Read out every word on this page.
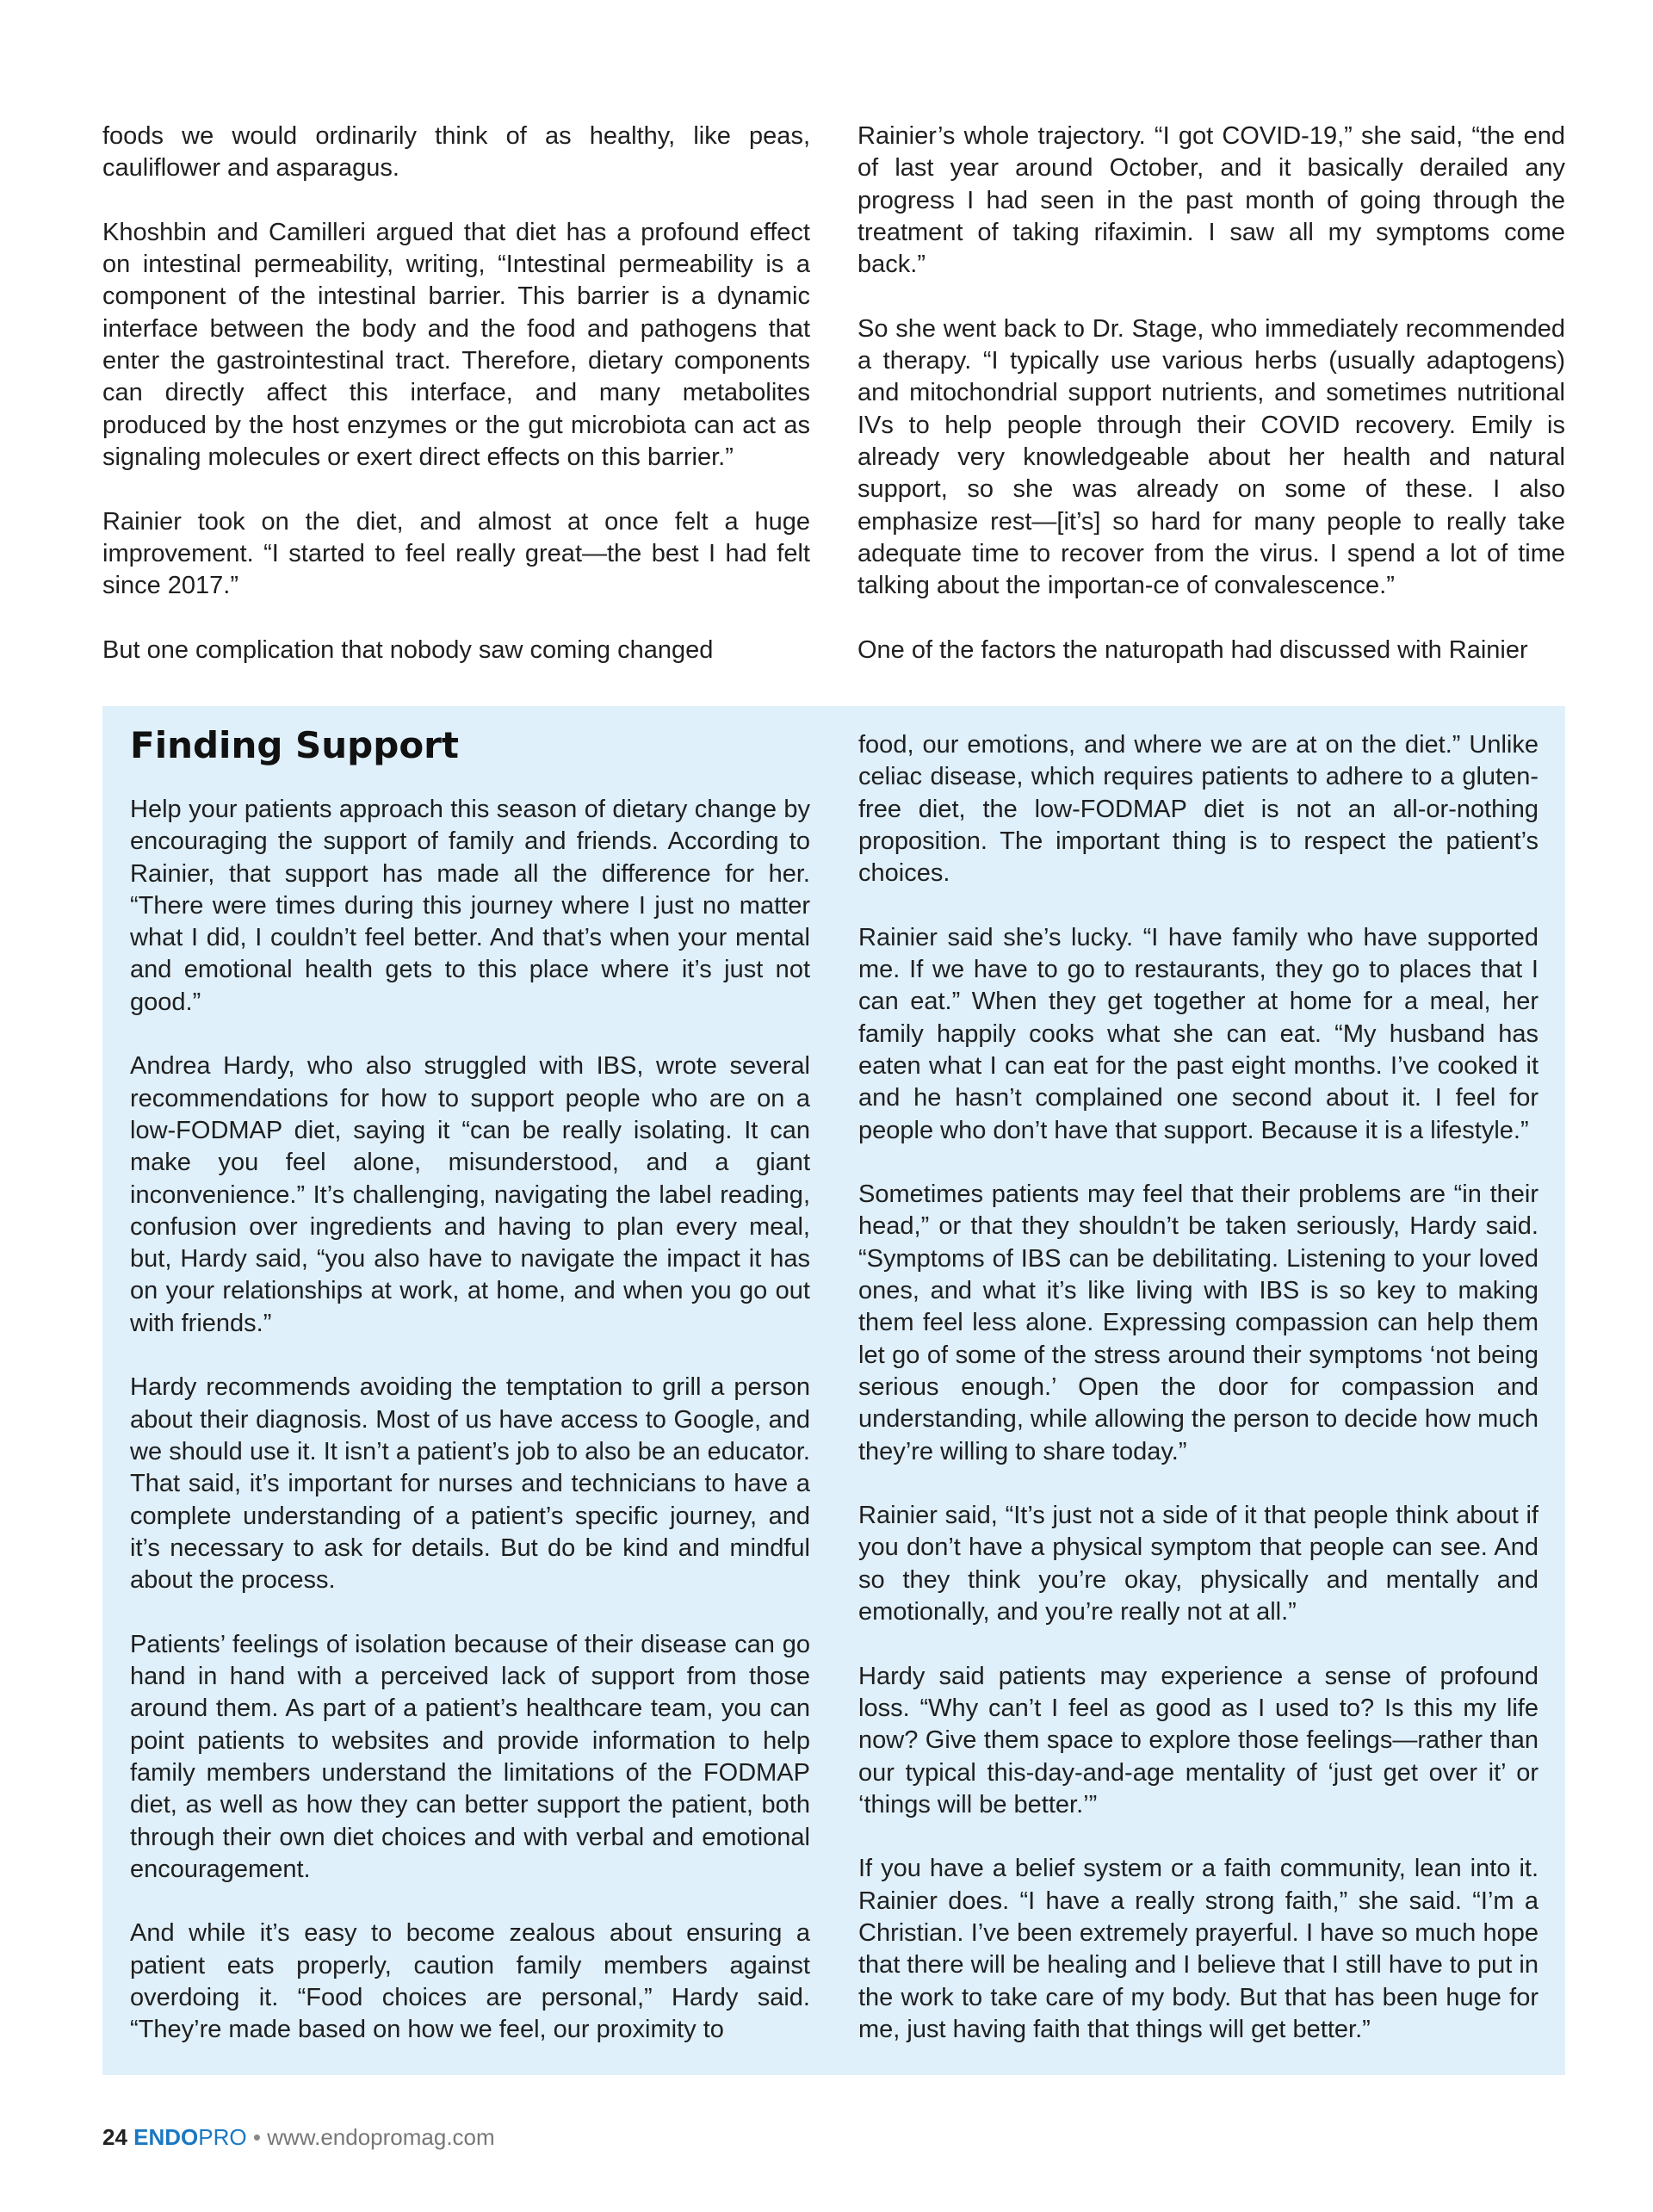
foods we would ordinarily think of as healthy, like peas, cauliflower and asparagus.

Khoshbin and Camilleri argued that diet has a profound effect on intestinal permeability, writing, “Intestinal permeability is a component of the intestinal barrier. This barrier is a dynamic interface between the body and the food and pathogens that enter the gastrointestinal tract. Therefore, dietary components can directly affect this interface, and many metabolites produced by the host enzymes or the gut microbiota can act as signaling molecules or exert direct effects on this barrier.”

Rainier took on the diet, and almost at once felt a huge improvement. “I started to feel really great—the best I had felt since 2017.”

But one complication that nobody saw coming changed

Rainier’s whole trajectory. “I got COVID-19,” she said, “the end of last year around October, and it basically derailed any progress I had seen in the past month of going through the treatment of taking rifaximin. I saw all my symptoms come back.”

So she went back to Dr. Stage, who immediately recommended a therapy. “I typically use various herbs (usually adaptogens) and mitochondrial support nutrients, and sometimes nutritional IVs to help people through their COVID recovery. Emily is already very knowledgeable about her health and natural support, so she was already on some of these. I also emphasize rest—[it’s] so hard for many people to really take adequate time to recover from the virus. I spend a lot of time talking about the importan-ce of convalescence.”

One of the factors the naturopath had discussed with Rainier

Finding Support

Help your patients approach this season of dietary change by encouraging the support of family and friends. According to Rainier, that support has made all the difference for her. “There were times during this journey where I just no matter what I did, I couldn’t feel better. And that’s when your mental and emotional health gets to this place where it’s just not good.”

Andrea Hardy, who also struggled with IBS, wrote several recommendations for how to support people who are on a low-FODMAP diet, saying it “can be really isolating. It can make you feel alone, misunderstood, and a giant inconvenience.” It’s challenging, navigating the label reading, confusion over ingredients and having to plan every meal, but, Hardy said, “you also have to navigate the impact it has on your relationships at work, at home, and when you go out with friends.”

Hardy recommends avoiding the temptation to grill a person about their diagnosis. Most of us have access to Google, and we should use it. It isn’t a patient’s job to also be an educator. That said, it’s important for nurses and technicians to have a complete understanding of a patient’s specific journey, and it’s necessary to ask for details. But do be kind and mindful about the process.

Patients’ feelings of isolation because of their disease can go hand in hand with a perceived lack of support from those around them. As part of a patient’s healthcare team, you can point patients to websites and provide information to help family members understand the limitations of the FODMAP diet, as well as how they can better support the patient, both through their own diet choices and with verbal and emotional encouragement.

And while it’s easy to become zealous about ensuring a patient eats properly, caution family members against overdoing it. “Food choices are personal,” Hardy said. “They’re made based on how we feel, our proximity to

food, our emotions, and where we are at on the diet.” Unlike celiac disease, which requires patients to adhere to a gluten-free diet, the low-FODMAP diet is not an all-or-nothing proposition. The important thing is to respect the patient’s choices.

Rainier said she’s lucky. “I have family who have supported me. If we have to go to restaurants, they go to places that I can eat.” When they get together at home for a meal, her family happily cooks what she can eat. “My husband has eaten what I can eat for the past eight months. I’ve cooked it and he hasn’t complained one second about it. I feel for people who don’t have that support. Because it is a lifestyle.”

Sometimes patients may feel that their problems are “in their head,” or that they shouldn’t be taken seriously, Hardy said. “Symptoms of IBS can be debilitating. Listening to your loved ones, and what it’s like living with IBS is so key to making them feel less alone. Expressing compassion can help them let go of some of the stress around their symptoms ‘not being serious enough.’ Open the door for compassion and understanding, while allowing the person to decide how much they’re willing to share today.”

Rainier said, “It’s just not a side of it that people think about if you don’t have a physical symptom that people can see. And so they think you’re okay, physically and mentally and emotionally, and you’re really not at all.”

Hardy said patients may experience a sense of profound loss. “Why can’t I feel as good as I used to? Is this my life now? Give them space to explore those feelings—rather than our typical this-day-and-age mentality of ‘just get over it’ or ‘things will be better.’”

If you have a belief system or a faith community, lean into it. Rainier does. “I have a really strong faith,” she said. “I’m a Christian. I’ve been extremely prayerful. I have so much hope that there will be healing and I believe that I still have to put in the work to take care of my body. But that has been huge for me, just having faith that things will get better.”

24 ENDOPRO • www.endopromag.com
